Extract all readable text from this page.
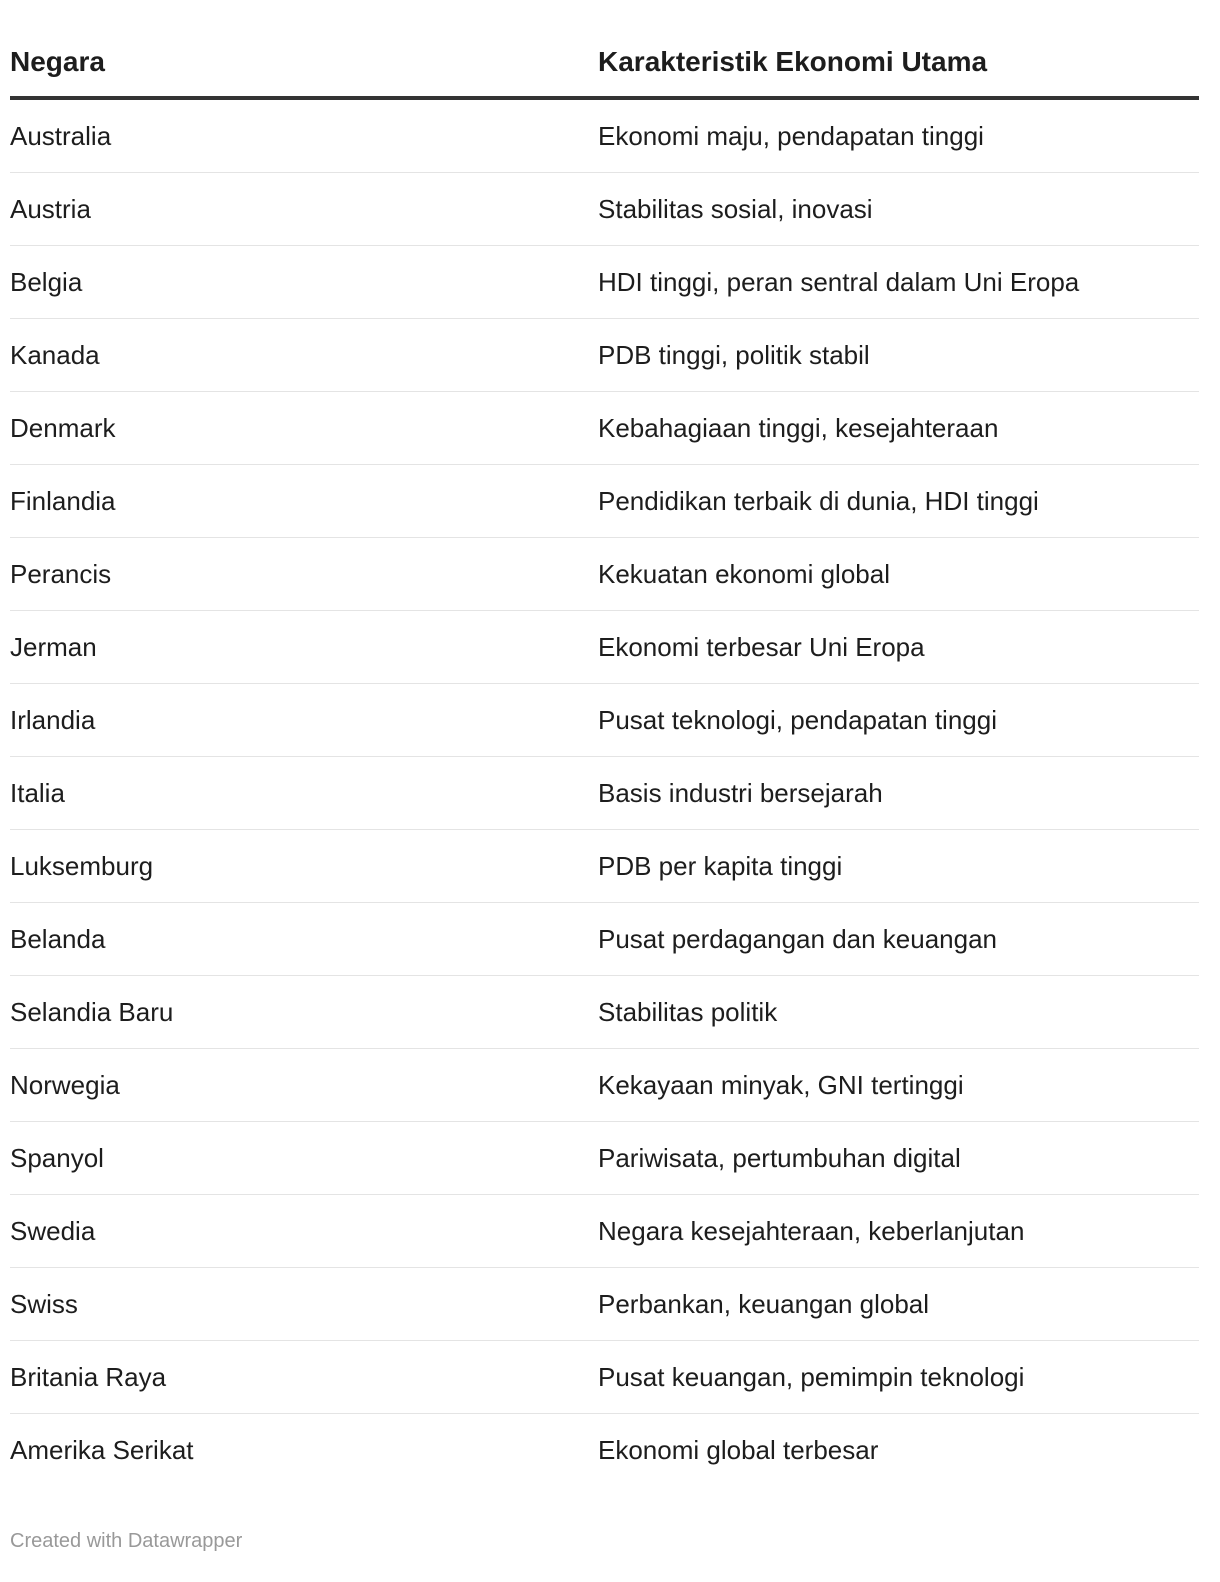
Negara	Karakteristik Ekonomi Utama
Australia	Ekonomi maju, pendapatan tinggi
Austria	Stabilitas sosial, inovasi
Belgia	HDI tinggi, peran sentral dalam Uni Eropa
Kanada	PDB tinggi, politik stabil
Denmark	Kebahagiaan tinggi, kesejahteraan
Finlandia	Pendidikan terbaik di dunia, HDI tinggi
Perancis	Kekuatan ekonomi global
Jerman	Ekonomi terbesar Uni Eropa
Irlandia	Pusat teknologi, pendapatan tinggi
Italia	Basis industri bersejarah
Luksemburg	PDB per kapita tinggi
Belanda	Pusat perdagangan dan keuangan
Selandia Baru	Stabilitas politik
Norwegia	Kekayaan minyak, GNI tertinggi
Spanyol	Pariwisata, pertumbuhan digital
Swedia	Negara kesejahteraan, keberlanjutan
Swiss	Perbankan, keuangan global
Britania Raya	Pusat keuangan, pemimpin teknologi
Amerika Serikat	Ekonomi global terbesar
Created with Datawrapper
